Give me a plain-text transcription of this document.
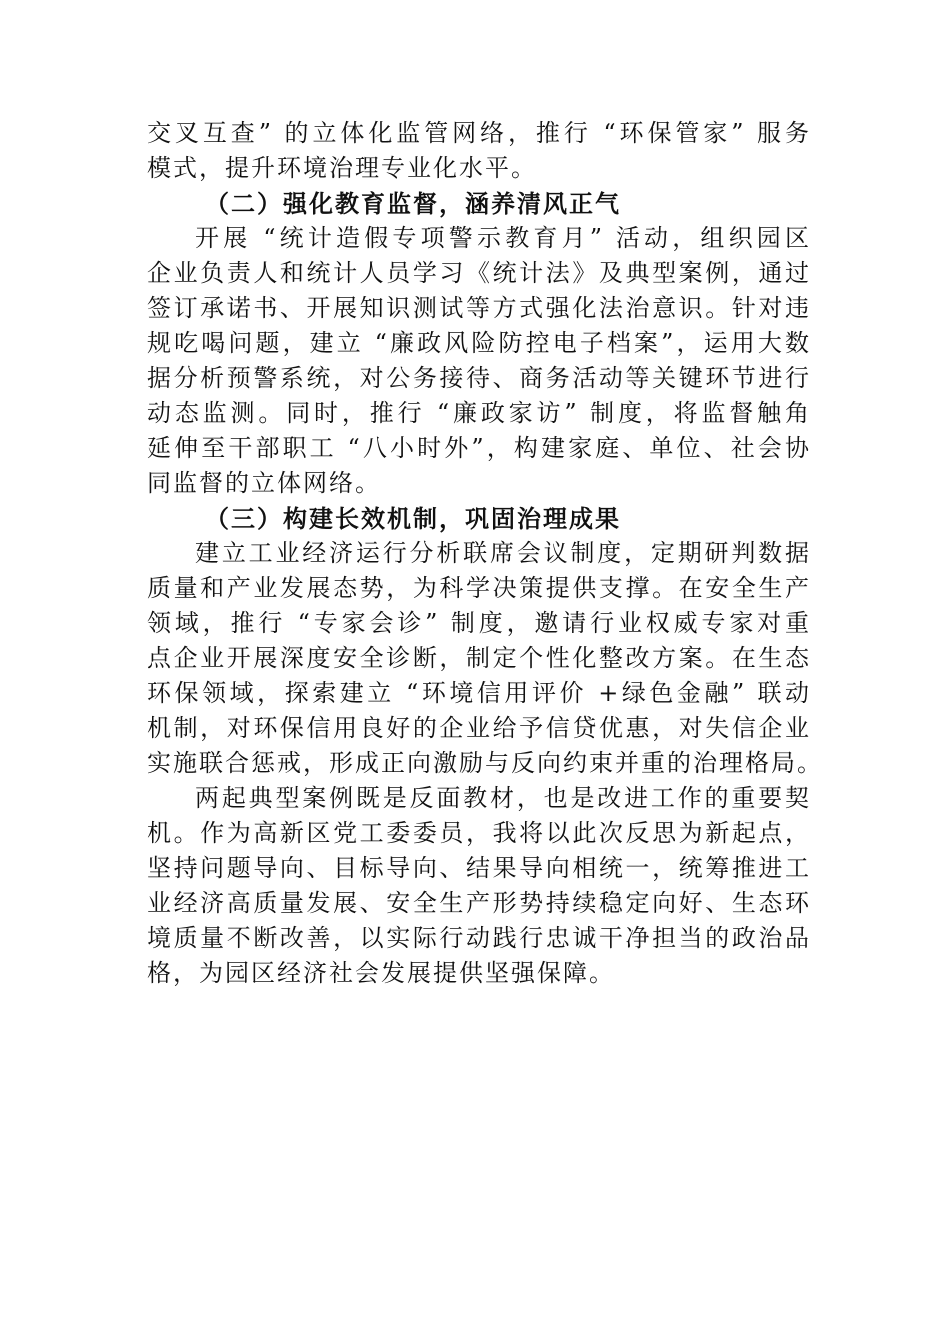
交叉互查” 的立体化监管网络，推行 “环保管家” 服务
模式，提升环境治理专业化水平。
（二）强化教育监督，涵养清风正气
开展 “统计造假专项警示教育月” 活动，组织园区
企业负责人和统计人员学习《统计法》及典型案例，通过
签订承诺书、开展知识测试等方式强化法治意识。针对违
规吃喝问题，建立 “廉政风险防控电子档案”，运用大数
据分析预警系统，对公务接待、商务活动等关键环节进行
动态监测。同时，推行 “廉政家访” 制度，将监督触角
延伸至干部职工 “八小时外”，构建家庭、单位、社会协
同监督的立体网络。
（三）构建长效机制，巩固治理成果
建立工业经济运行分析联席会议制度，定期研判数据
质量和产业发展态势，为科学决策提供支撑。在安全生产
领域，推行 “专家会诊” 制度，邀请行业权威专家对重
点企业开展深度安全诊断，制定个性化整改方案。在生态
环保领域，探索建立 “环境信用评价 +绿色金融” 联动
机制，对环保信用良好的企业给予信贷优惠，对失信企业
实施联合惩戒，形成正向激励与反向约束并重的治理格局。
两起典型案例既是反面教材，也是改进工作的重要契
机。作为高新区党工委委员，我将以此次反思为新起点，
坚持问题导向、目标导向、结果导向相统一，统筹推进工
业经济高质量发展、安全生产形势持续稳定向好、生态环
境质量不断改善，以实际行动践行忠诚干净担当的政治品
格，为园区经济社会发展提供坚强保障。
